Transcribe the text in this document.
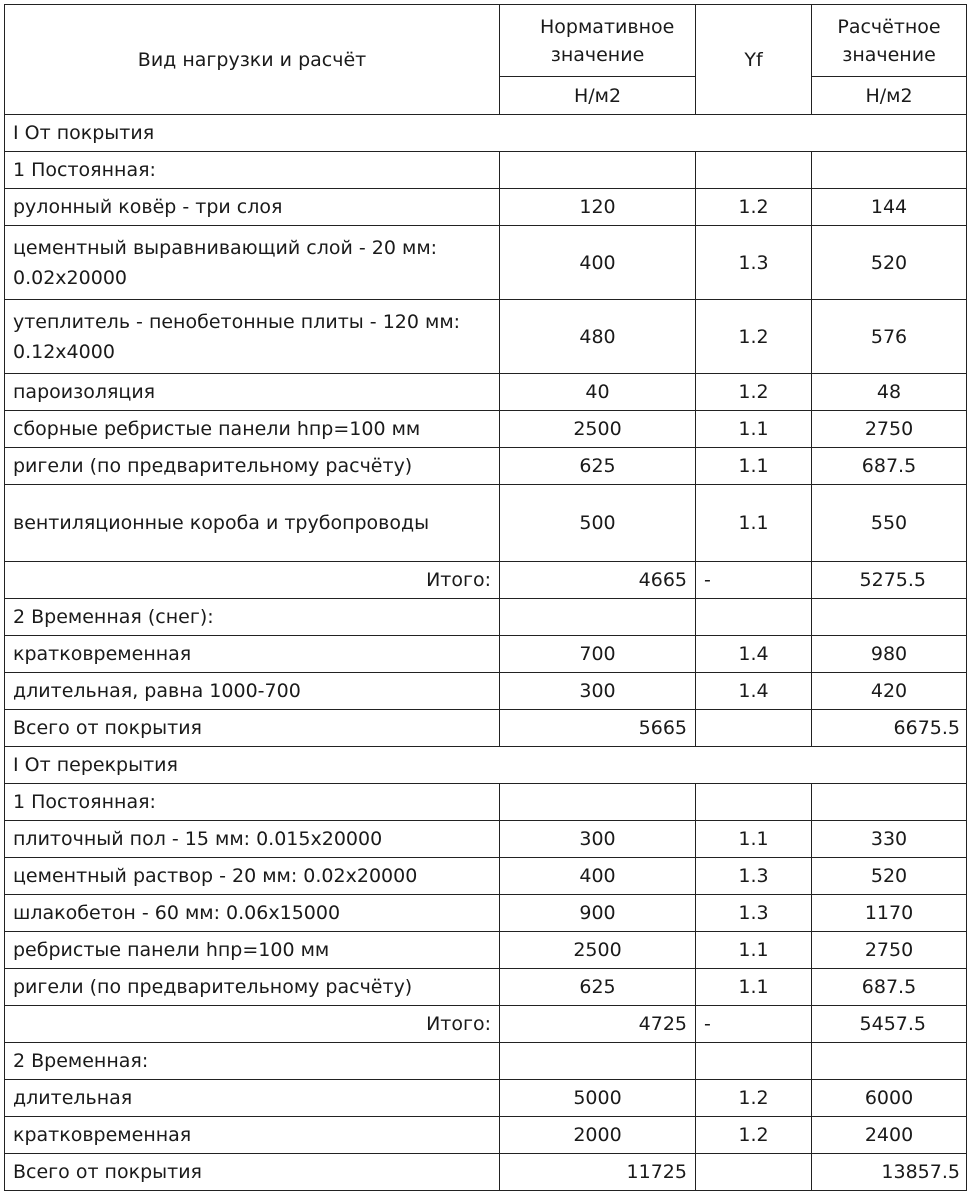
Вид нагрузки и расчёт	Нормативное значение	Yf	Расчётное значение
	Н/м2		Н/м2
I От покрытия			
1 Постоянная:			
рулонный ковёр - три слоя	120	1.2	144
цементный выравнивающий слой - 20 мм: 0.02х20000	400	1.3	520
утеплитель - пенобетонные плиты - 120 мм: 0.12х4000	480	1.2	576
пароизоляция	40	1.2	48
сборные ребристые панели hпр=100 мм	2500	1.1	2750
ригели (по предварительному расчёту)	625	1.1	687.5
вентиляционные короба и трубопроводы	500	1.1	550
Итого:	4665	-	5275.5
2 Временная (снег):			
кратковременная	700	1.4	980
длительная, равна 1000-700	300	1.4	420
Всего от покрытия	5665		6675.5
I От перекрытия			
1 Постоянная:			
плиточный пол - 15 мм: 0.015х20000	300	1.1	330
цементный раствор - 20 мм: 0.02х20000	400	1.3	520
шлакобетон - 60 мм: 0.06х15000	900	1.3	1170
ребристые панели hпр=100 мм	2500	1.1	2750
ригели (по предварительному расчёту)	625	1.1	687.5
Итого:	4725	-	5457.5
2 Временная:			
длительная	5000	1.2	6000
кратковременная	2000	1.2	2400
Всего от покрытия	11725		13857.5
